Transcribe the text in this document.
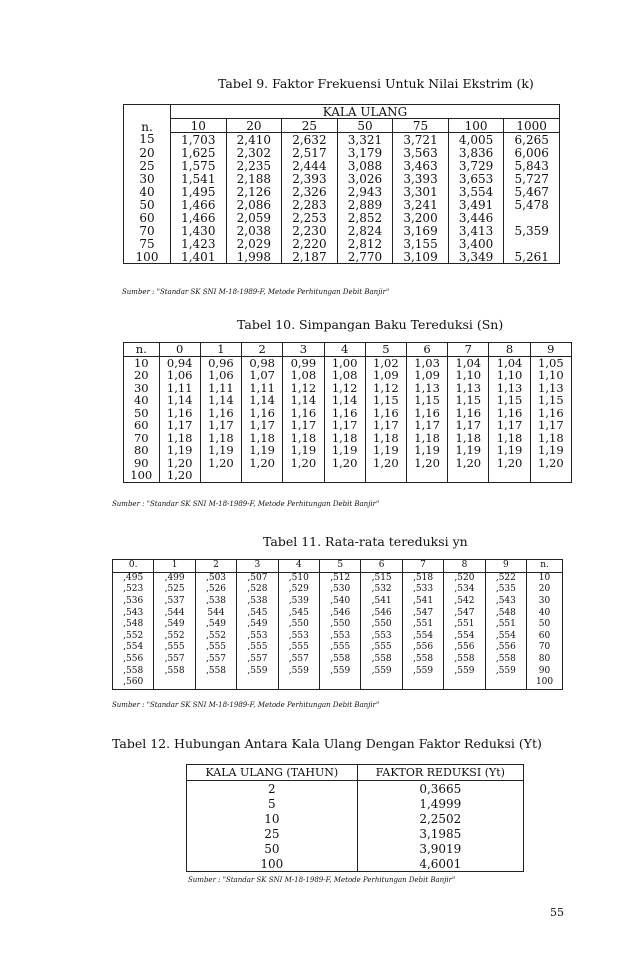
Tabel 9. Faktor Frekuensi Untuk Nilai Ekstrim (k)
n.	KALA ULANG						
	10	20	25	50	75	100	1000
15	1,703	2,410	2,632	3,321	3,721	4,005	6,265
20	1,625	2,302	2,517	3,179	3,563	3,836	6,006
25	1,575	2,235	2,444	3,088	3,463	3,729	5,843
30	1,541	2,188	2,393	3,026	3,393	3,653	5,727
40	1,495	2,126	2,326	2,943	3,301	3,554	5,467
50	1,466	2,086	2,283	2,889	3,241	3,491	5,478
60	1,466	2,059	2,253	2,852	3,200	3,446	
70	1,430	2,038	2,230	2,824	3,169	3,413	5,359
75	1,423	2,029	2,220	2,812	3,155	3,400	
100	1,401	1,998	2,187	2,770	3,109	3,349	5,261
Sumber : "Standar SK SNI M-18-1989-F, Metode Perhitungan Debit Banjir"
Tabel 10. Simpangan Baku Tereduksi (Sn)
n.	0	1	2	3	4	5	6	7	8	9
10	0,94	0,96	0,98	0,99	1,00	1,02	1,03	1,04	1,04	1,05
20	1,06	1,06	1,07	1,08	1,08	1,09	1,09	1,10	1,10	1,10
30	1,11	1,11	1,11	1,12	1,12	1,12	1,13	1,13	1,13	1,13
40	1,14	1,14	1,14	1,14	1,14	1,15	1,15	1,15	1,15	1,15
50	1,16	1,16	1,16	1,16	1,16	1,16	1,16	1,16	1,16	1,16
60	1,17	1,17	1,17	1,17	1,17	1,17	1,17	1,17	1,17	1,17
70	1,18	1,18	1,18	1,18	1,18	1,18	1,18	1,18	1,18	1,18
80	1,19	1,19	1,19	1,19	1,19	1,19	1,19	1,19	1,19	1,19
90	1,20	1,20	1,20	1,20	1,20	1,20	1,20	1,20	1,20	1,20
100	1,20									
Sumber : "Standar SK SNI M-18-1989-F, Metode Perhitungan Debit Banjir"
Tabel 11. Rata-rata tereduksi yn
0.	1	2	3	4	5	6	7	8	9	n.
,495	,499	,503	,507	,510	,512	,515	,518	,520	,522	10
,523	,525	,526	,528	,529	,530	,532	,533	,534	,535	20
,536	,537	,538	,538	,539	,540	,541	,541	,542	,543	30
,543	,544	544	,545	,545	,546	,546	,547	,547	,548	40
,548	,549	,549	,549	,550	,550	,550	,551	,551	,551	50
,552	,552	,552	,553	,553	,553	,553	,554	,554	,554	60
,554	,555	,555	,555	,555	,555	,555	,556	,556	,556	70
,556	,557	,557	,557	,557	,558	,558	,558	,558	,558	80
,558	,558	,558	,559	,559	,559	,559	,559	,559	,559	90
,560										100
Sumber : "Standar SK SNI M-18-1989-F, Metode Perhitungan Debit Banjir"
Tabel 12. Hubungan Antara Kala Ulang Dengan Faktor Reduksi (Yt)
KALA ULANG (TAHUN)	FAKTOR REDUKSI (Yt)
2	0,3665
5	1,4999
10	2,2502
25	3,1985
50	3,9019
100	4,6001
Sumber : "Standar SK SNI M-18-1989-F, Metode Perhitungan Debit Banjir"
55
